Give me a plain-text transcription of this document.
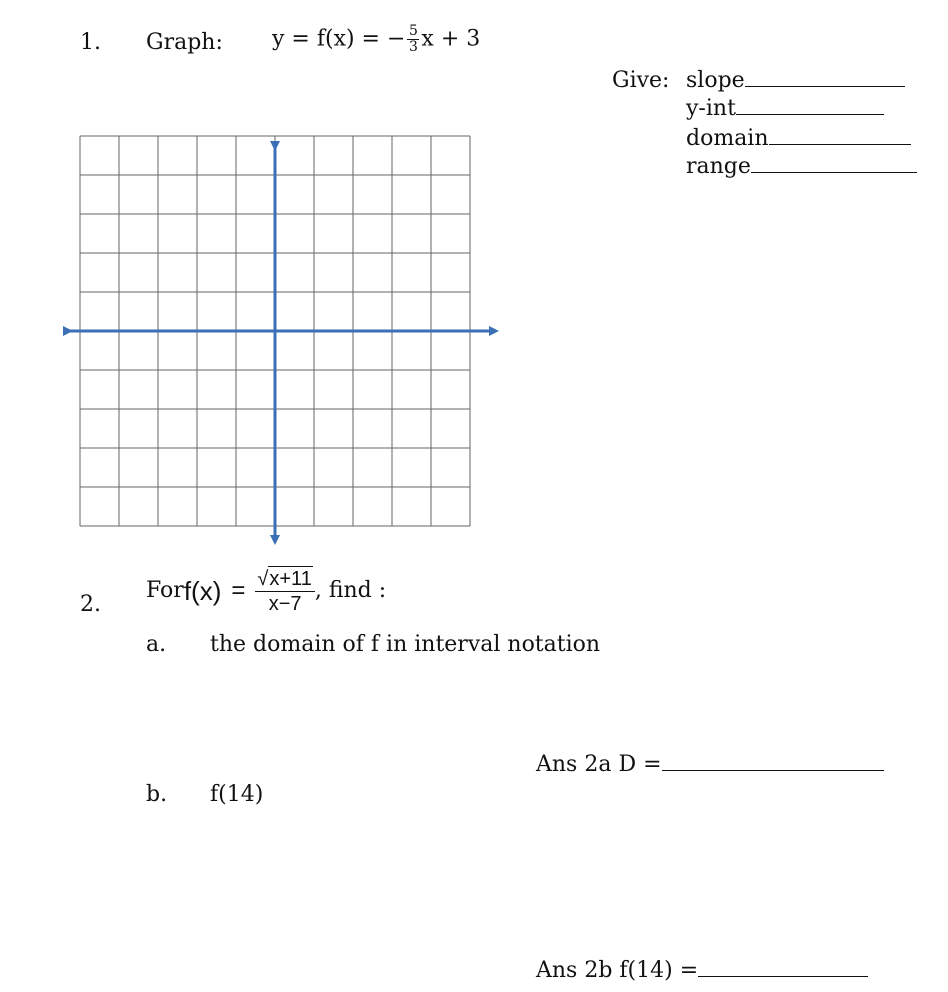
1. Graph: y = f(x) = − $\frac{5}{3}$ x + 3
Give: slope
y-int
domain
range
2.
Forf(x) = $\frac{√x+11}{x-7}$ , find :
a. the domain of f in interval notation
Ans 2a D =
b. f(14)
Ans 2b f(14) =
